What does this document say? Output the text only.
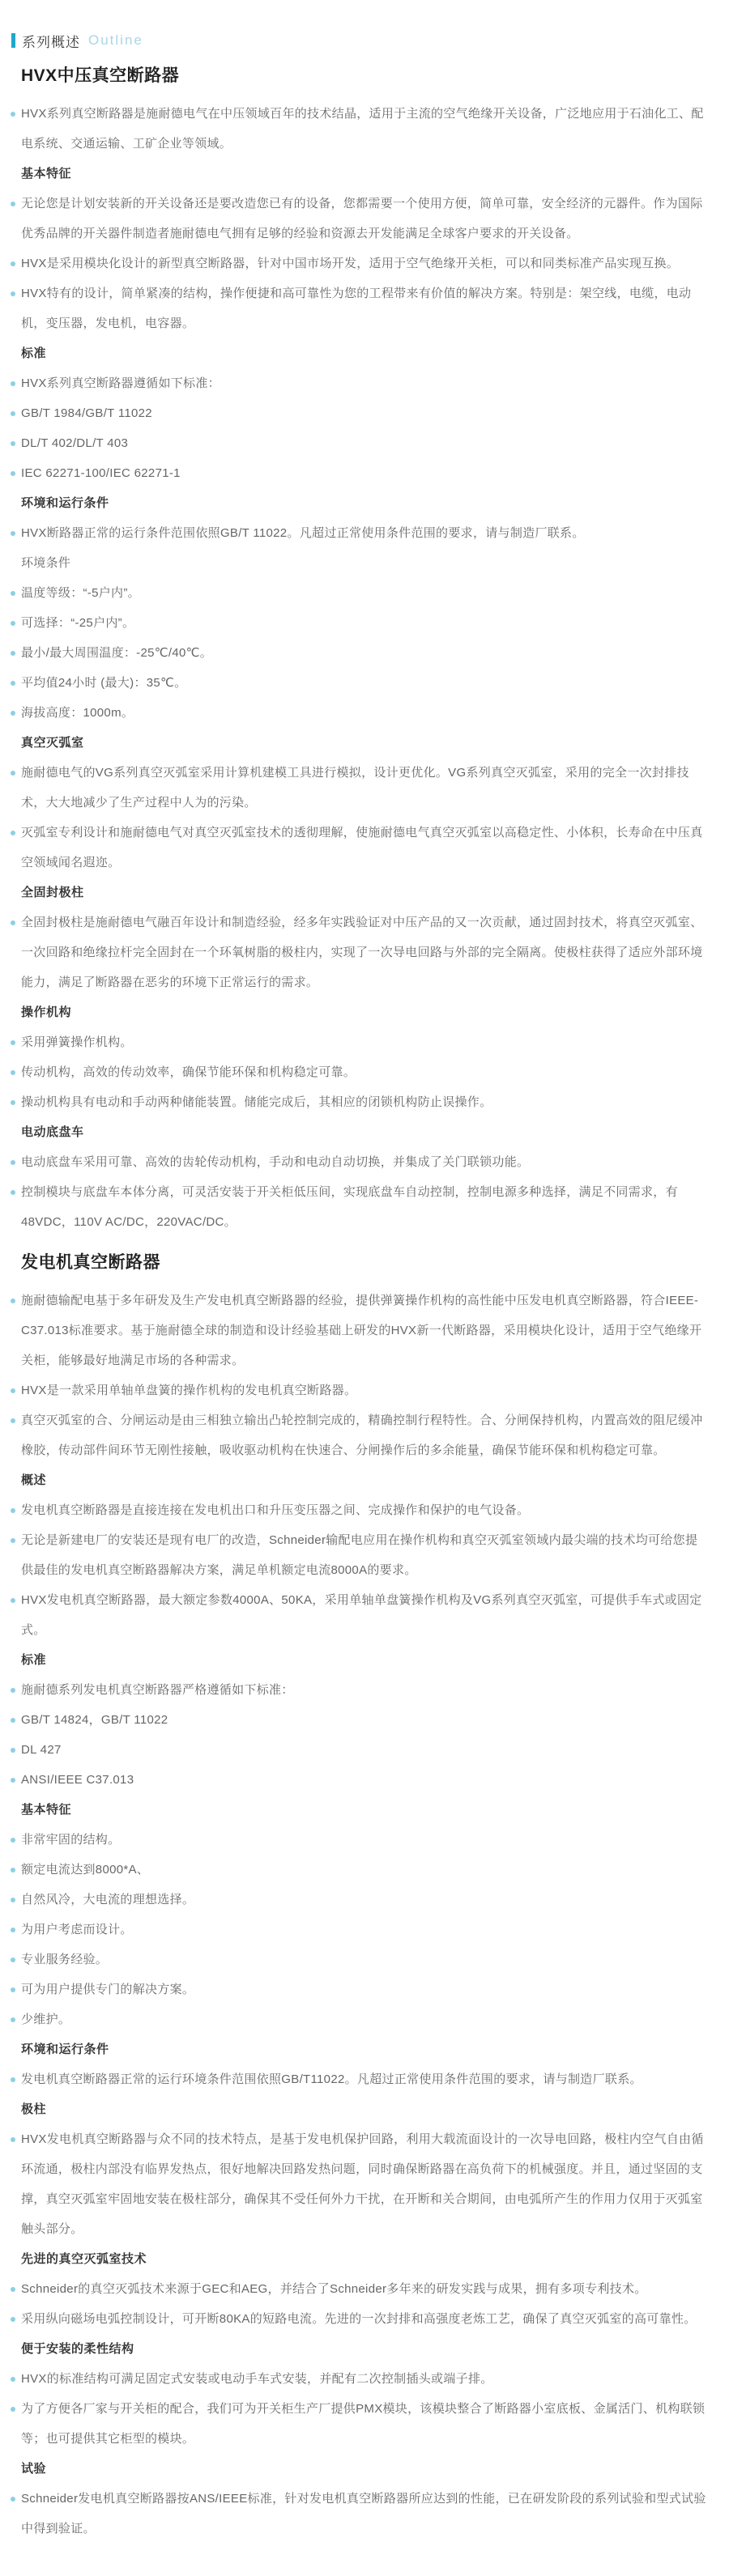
系列概述 Outline
HVX中压真空断路器

HVX系列真空断路器是施耐德电气在中压领域百年的技术结晶，适用于主流的空气绝缘开关设备，广泛地应用于石油化工、配电系统、交通运输、工矿企业等领域。

基本特征

无论您是计划安装新的开关设备还是要改造您已有的设备，您都需要一个使用方便，简单可靠，安全经济的元器件。作为国际优秀品牌的开关器件制造者施耐德电气拥有足够的经验和资源去开发能满足全球客户要求的开关设备。

HVX是采用模块化设计的新型真空断路器，针对中国市场开发，适用于空气绝缘开关柜，可以和同类标准产品实现互换。

HVX特有的设计，简单紧凑的结构，操作便捷和高可靠性为您的工程带来有价值的解决方案。特别是：架空线，电缆，电动机，变压器，发电机，电容器。

标准

HVX系列真空断路器遵循如下标准：

GB/T 1984/GB/T 11022

DL/T 402/DL/T 403

IEC 62271-100/IEC 62271-1

环境和运行条件

HVX断路器正常的运行条件范围依照GB/T 11022。凡超过正常使用条件范围的要求，请与制造厂联系。

环境条件

温度等级：“-5户内”。

可选择：“-25户内”。

最小/最大周围温度：-25℃/40℃。

平均值24小时 (最大)：35℃。

海拔高度：1000m。

真空灭弧室

施耐德电气的VG系列真空灭弧室采用计算机建模工具进行模拟，设计更优化。VG系列真空灭弧室，采用的完全一次封排技术，大大地减少了生产过程中人为的污染。

灭弧室专利设计和施耐德电气对真空灭弧室技术的透彻理解，使施耐德电气真空灭弧室以高稳定性、小体积，长寿命在中压真空领域闻名遐迩。

全固封极柱

全固封极柱是施耐德电气融百年设计和制造经验，经多年实践验证对中压产品的又一次贡献，通过固封技术，将真空灭弧室、一次回路和绝缘拉杆完全固封在一个环氧树脂的极柱内，实现了一次导电回路与外部的完全隔离。使极柱获得了适应外部环境能力，满足了断路器在恶劣的环境下正常运行的需求。

操作机构

采用弹簧操作机构。

传动机构，高效的传动效率，确保节能环保和机构稳定可靠。

操动机构具有电动和手动两种储能装置。储能完成后，其相应的闭锁机构防止误操作。

电动底盘车

电动底盘车采用可靠、高效的齿轮传动机构，手动和电动自动切换，并集成了关门联锁功能。

控制模块与底盘车本体分离，可灵活安装于开关柜低压间，实现底盘车自动控制，控制电源多种选择，满足不同需求，有48VDC，110V AC/DC，220VAC/DC。

发电机真空断路器

施耐德输配电基于多年研发及生产发电机真空断路器的经验，提供弹簧操作机构的高性能中压发电机真空断路器，符合IEEE-C37.013标准要求。基于施耐德全球的制造和设计经验基础上研发的HVX新一代断路器，采用模块化设计，适用于空气绝缘开关柜，能够最好地满足市场的各种需求。

HVX是一款采用单轴单盘簧的操作机构的发电机真空断路器。

真空灭弧室的合、分闸运动是由三相独立输出凸轮控制完成的，精确控制行程特性。合、分闸保持机构，内置高效的阻尼缓冲橡胶，传动部件间环节无刚性接触，吸收驱动机构在快速合、分闸操作后的多余能量，确保节能环保和机构稳定可靠。

概述

发电机真空断路器是直接连接在发电机出口和升压变压器之间、完成操作和保护的电气设备。

无论是新建电厂的安装还是现有电厂的改造，Schneider输配电应用在操作机构和真空灭弧室领域内最尖端的技术均可给您提供最佳的发电机真空断路器解决方案，满足单机额定电流8000A的要求。

HVX发电机真空断路器，最大额定参数4000A、50KA，采用单轴单盘簧操作机构及VG系列真空灭弧室，可提供手车式或固定式。

标准

施耐德系列发电机真空断路器严格遵循如下标准：

GB/T 14824，GB/T 11022

DL 427

ANSI/IEEE C37.013

基本特征

非常牢固的结构。

额定电流达到8000*A、

自然风冷，大电流的理想选择。

为用户考虑而设计。

专业服务经验。

可为用户提供专门的解决方案。

少维护。

环境和运行条件

发电机真空断路器正常的运行环境条件范围依照GB/T11022。凡超过正常使用条件范围的要求，请与制造厂联系。

极柱

HVX发电机真空断路器与众不同的技术特点，是基于发电机保护回路，利用大载流面设计的一次导电回路，极柱内空气自由循环流通，极柱内部没有临界发热点，很好地解决回路发热问题，同时确保断路器在高负荷下的机械强度。并且，通过坚固的支撑，真空灭弧室牢固地安装在极柱部分，确保其不受任何外力干扰，在开断和关合期间，由电弧所产生的作用力仅用于灭弧室触头部分。

先进的真空灭弧室技术

Schneider的真空灭弧技术来源于GEC和AEG，并结合了Schneider多年来的研发实践与成果，拥有多项专利技术。

采用纵向磁场电弧控制设计，可开断80KA的短路电流。先进的一次封排和高强度老炼工艺，确保了真空灭弧室的高可靠性。

便于安装的柔性结构

HVX的标准结构可满足固定式安装或电动手车式安装，并配有二次控制插头或端子排。

为了方便各厂家与开关柜的配合，我们可为开关柜生产厂提供PMX模块，该模块整合了断路器小室底板、金属活门、机构联锁等；也可提供其它柜型的模块。

试验

Schneider发电机真空断路器按ANS/IEEE标准，针对发电机真空断路器所应达到的性能，已在研发阶段的系列试验和型式试验中得到验证。
